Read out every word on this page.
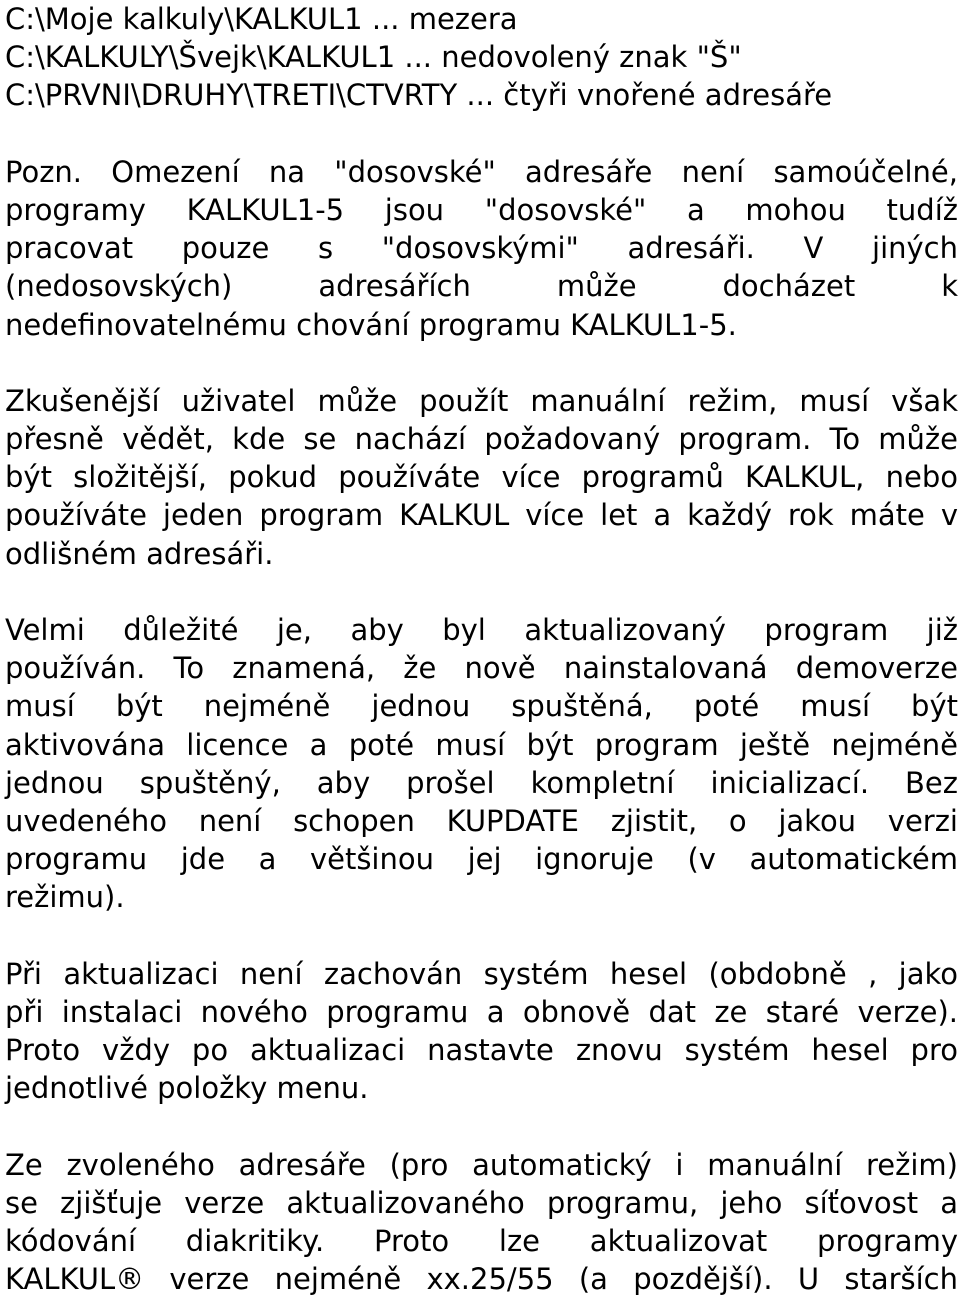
C:\Moje kalkuly\KALKUL1 ... mezera
C:\KALKULY\Švejk\KALKUL1 ... nedovolený znak "Š"
C:\PRVNI\DRUHY\TRETI\CTVRTY ... čtyři vnořené adresáře
Pozn. Omezení na "dosovské" adresáře není samoúčelné,
programy KALKUL1-5 jsou "dosovské" a mohou tudíž
pracovat pouze s "dosovskými" adresáři. V jiných
(nedosovských) adresářích může docházet k
nedefinovatelnému chování programu KALKUL1-5.
Zkušenější uživatel může použít manuální režim, musí však
přesně vědět, kde se nachází požadovaný program. To může
být složitější, pokud používáte více programů KALKUL, nebo
používáte jeden program KALKUL více let a každý rok máte v
odlišném adresáři.
Velmi důležité je, aby byl aktualizovaný program již
používán. To znamená, že nově nainstalovaná demoverze
musí být nejméně jednou spuštěná, poté musí být
aktivována licence a poté musí být program ještě nejméně
jednou spuštěný, aby prošel kompletní inicializací. Bez
uvedeného není schopen KUPDATE zjistit, o jakou verzi
programu jde a většinou jej ignoruje (v automatickém
režimu).
Při aktualizaci není zachován systém hesel (obdobně , jako
při instalaci nového programu a obnově dat ze staré verze).
Proto vždy po aktualizaci nastavte znovu systém hesel pro
jednotlivé položky menu.
Ze zvoleného adresáře (pro automatický i manuální režim)
se zjišťuje verze aktualizovaného programu, jeho síťovost a
kódování diakritiky. Proto lze aktualizovat programy
KALKUL® verze nejméně xx.25/55 (a pozdější). U starších
